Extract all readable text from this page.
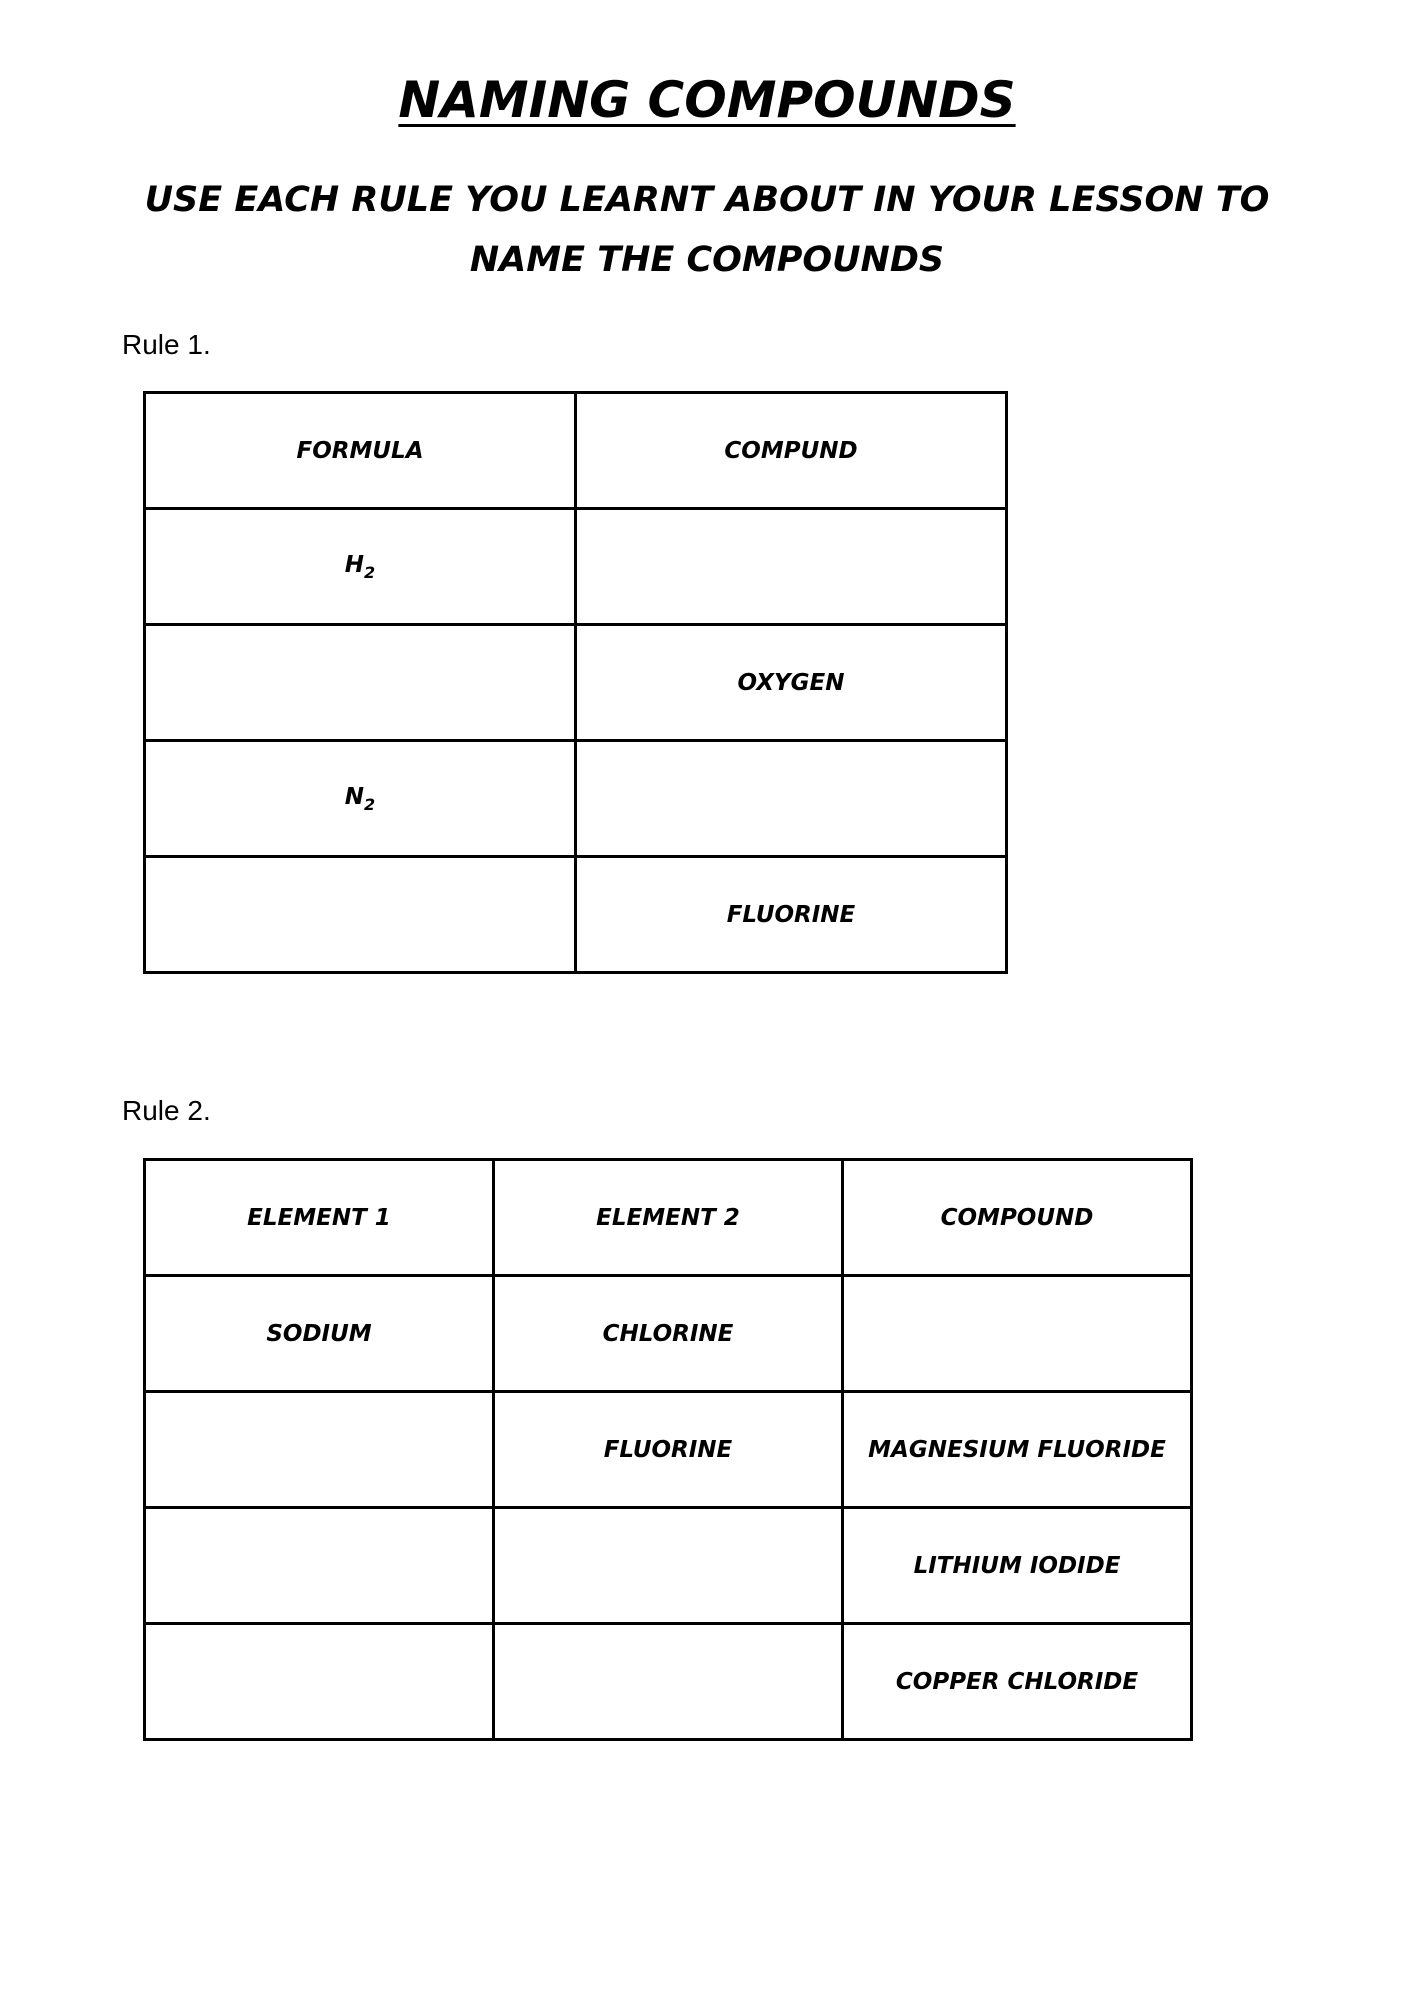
NAMING COMPOUNDS
USE EACH RULE YOU LEARNT ABOUT IN YOUR LESSON TO NAME THE COMPOUNDS
Rule 1.
FORMULA	COMPUND
$H_2$	
	OXYGEN
$N_2$	
	FLUORINE
Rule 2.
ELEMENT 1	ELEMENT 2	COMPOUND
SODIUM	CHLORINE	
	FLUORINE	MAGNESIUM FLUORIDE
		LITHIUM IODIDE
		COPPER CHLORIDE
